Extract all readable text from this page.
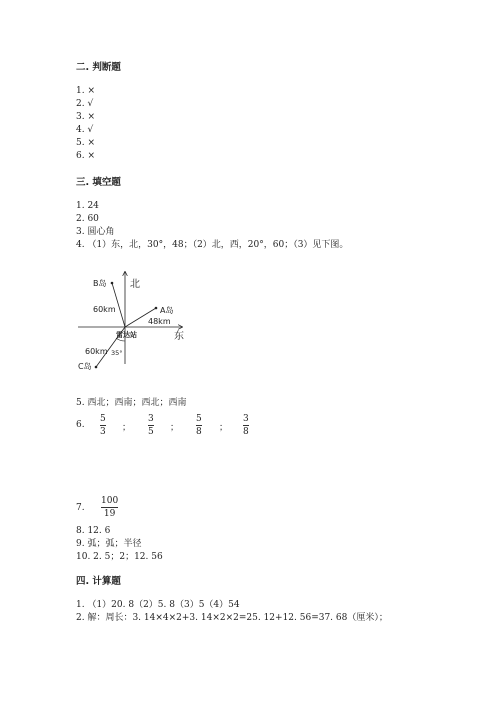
二. 判断题
1. ×
2. √
3. ×
4. √
5. ×
6. ×
三. 填空题
1. 24
2. 60
3. 圆心角
4. （1）东，北，30°，48；（2）北，西，20°，60；（3）见下图。
北
东
B岛
A岛
C岛
60km
48km
60km 35°
雷达站
5. 西北；西南；西北；西南
6.
5
3 ；
3
5 ；
5
8 ；
3
8
7.
100
19
8. 12. 6
9. 弧；弧；半径
10. 2. 5；2；12. 56
四. 计算题
1. （1）20. 8（2）5. 8（3）5（4）54
2. 解：周长：3. 14×4×2+3. 14×2×2=25. 12+12. 56=37. 68（厘米）；
